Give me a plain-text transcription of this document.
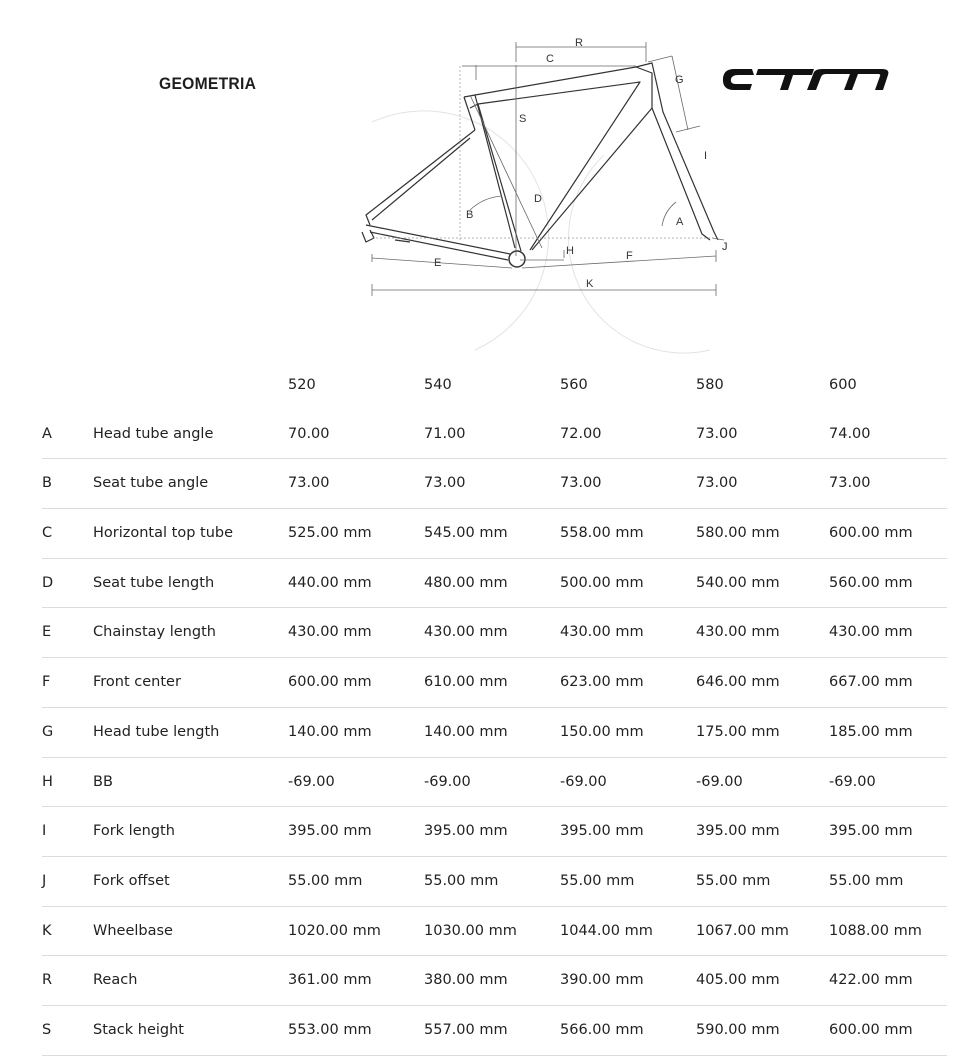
GEOMETRIA
R
C
G
S
I
D
B
A
H	J
E
F
K
520	540	560	580	600
A	Head tube angle	70.00	71.00	72.00	73.00	74.00
B	Seat tube angle	73.00	73.00	73.00	73.00	73.00
C	Horizontal top tube	525.00 mm	545.00 mm	558.00 mm	580.00 mm	600.00 mm
D	Seat tube length	440.00 mm	480.00 mm	500.00 mm	540.00 mm	560.00 mm
E	Chainstay length	430.00 mm	430.00 mm	430.00 mm	430.00 mm	430.00 mm
F	Front center	600.00 mm	610.00 mm	623.00 mm	646.00 mm	667.00 mm
G	Head tube length	140.00 mm	140.00 mm	150.00 mm	175.00 mm	185.00 mm
H	BB	-69.00	-69.00	-69.00	-69.00	-69.00
I	Fork length	395.00 mm	395.00 mm	395.00 mm	395.00 mm	395.00 mm
J	Fork offset	55.00 mm	55.00 mm	55.00 mm	55.00 mm	55.00 mm
K	Wheelbase	1020.00 mm	1030.00 mm	1044.00 mm	1067.00 mm	1088.00 mm
R	Reach	361.00 mm	380.00 mm	390.00 mm	405.00 mm	422.00 mm
S	Stack height	553.00 mm	557.00 mm	566.00 mm	590.00 mm	600.00 mm
